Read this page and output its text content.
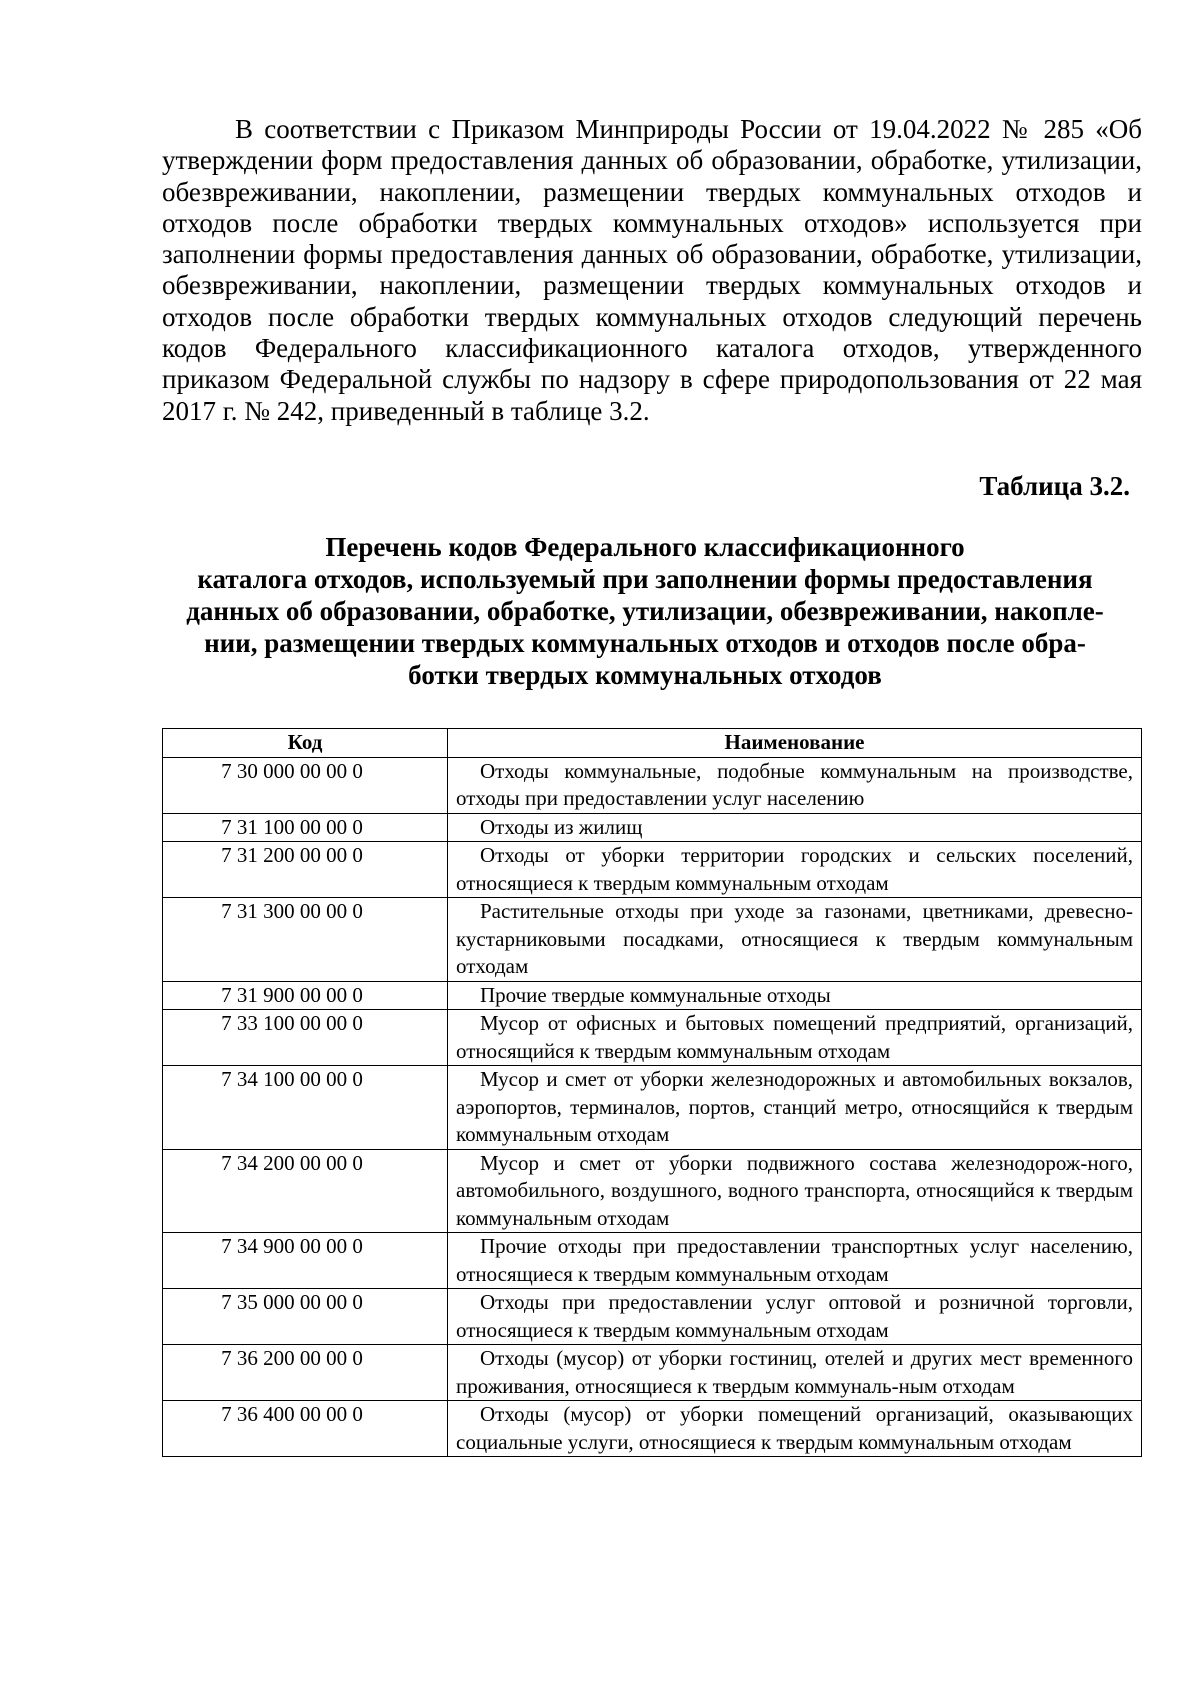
В соответствии с Приказом Минприроды России от 19.04.2022 № 285 «Об утверждении форм предоставления данных об образовании, обработке, утилизации, обезвреживании, накоплении, размещении твердых коммунальных отходов и отходов после обработки твердых коммунальных отходов» используется при заполнении формы предоставления данных об образовании, обработке, утилизации, обезвреживании, накоплении, размещении твердых коммунальных отходов и отходов после обработки твердых коммунальных отходов следующий перечень кодов Федерального классификационного каталога отходов, утвержденного приказом Федеральной службы по надзору в сфере природопользования от 22 мая 2017 г. № 242, приведенный в таблице 3.2.

Таблица 3.2.

Перечень кодов Федерального классификационного
каталога отходов, используемый при заполнении формы предоставления
данных об образовании, обработке, утилизации, обезвреживании, накопле-
нии, размещении твердых коммунальных отходов и отходов после обра-
ботки твердых коммунальных отходов
Код	Наименование
7 30 000 00 00 0	Отходы коммунальные, подобные коммунальным на производстве, отходы при предоставлении услуг населению
7 31 100 00 00 0	Отходы из жилищ
7 31 200 00 00 0	Отходы от уборки территории городских и сельских поселений, относящиеся к твердым коммунальным отходам
7 31 300 00 00 0	Растительные отходы при уходе за газонами, цветниками, древесно-кустарниковыми посадками, относящиеся к твердым коммунальным отходам
7 31 900 00 00 0	Прочие твердые коммунальные отходы
7 33 100 00 00 0	Мусор от офисных и бытовых помещений предприятий, организаций, относящийся к твердым коммунальным отходам
7 34 100 00 00 0	Мусор и смет от уборки железнодорожных и автомобильных вокзалов, аэропортов, терминалов, портов, станций метро, относящийся к твердым коммунальным отходам
7 34 200 00 00 0	Мусор и смет от уборки подвижного состава железнодорож-ного, автомобильного, воздушного, водного транспорта, относящийся к твердым коммунальным отходам
7 34 900 00 00 0	Прочие отходы при предоставлении транспортных услуг населению, относящиеся к твердым коммунальным отходам
7 35 000 00 00 0	Отходы при предоставлении услуг оптовой и розничной торговли, относящиеся к твердым коммунальным отходам
7 36 200 00 00 0	Отходы (мусор) от уборки гостиниц, отелей и других мест временного проживания, относящиеся к твердым коммуналь-ным отходам
7 36 400 00 00 0	Отходы (мусор) от уборки помещений организаций, оказывающих социальные услуги, относящиеся к твердым коммунальным отходам
